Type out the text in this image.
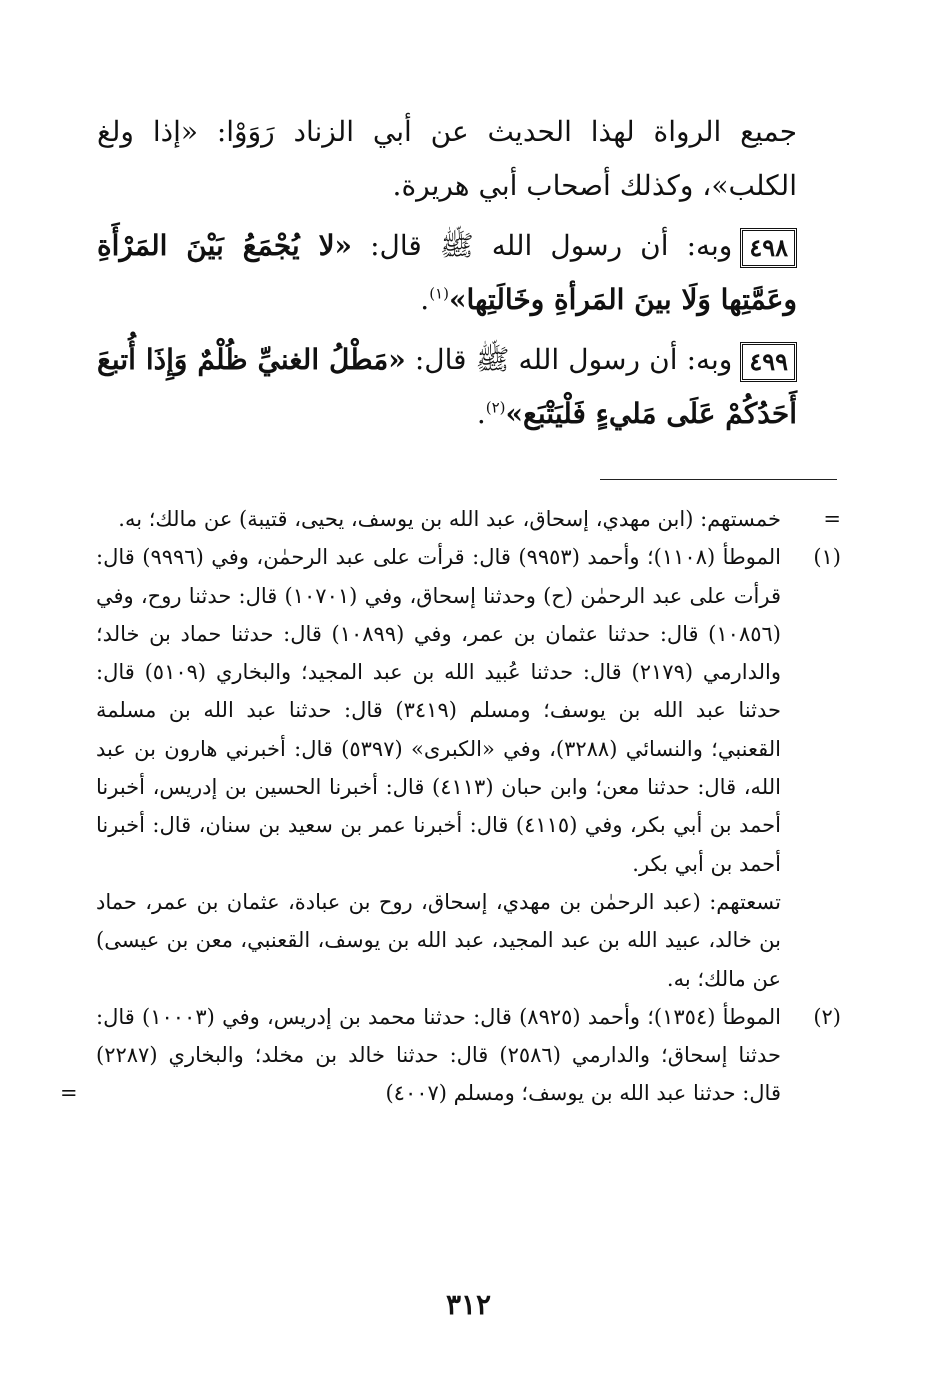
جميع الرواة لهذا الحديث عن أبي الزناد رَوَوْا: «إذا ولغ الكلب»، وكذلك أصحاب أبي هريرة.

٤٩٨وبه: أن رسول الله ﷺ قال: «لا يُجْمَعُ بَيْنَ المَرْأَةِ وعَمَّتِها وَلَا بينَ المَرأةِ وخَالَتِها»$^{(١)}$.

٤٩٩وبه: أن رسول الله ﷺ قال: «مَطْلُ الغنيِّ ظُلْمٌ وَإِذَا أُتبعَ أَحَدُكُمْ عَلَى مَليءٍ فَلْيَتْبَع»$^{(٢)}$.

=
خمستهم: (ابن مهدي، إسحاق، عبد الله بن يوسف، يحيى، قتيبة) عن مالك؛ به.

(١)
الموطأ (١١٠٨)؛ وأحمد (٩٩٥٣) قال: قرأت على عبد الرحمٰن، وفي (٩٩٩٦) قال: قرأت على عبد الرحمٰن (ح) وحدثنا إسحاق، وفي (١٠٧٠١) قال: حدثنا روح، وفي (١٠٨٥٦) قال: حدثنا عثمان بن عمر، وفي (١٠٨٩٩) قال: حدثنا حماد بن خالد؛ والدارمي (٢١٧٩) قال: حدثنا عُبيد الله بن عبد المجيد؛ والبخاري (٥١٠٩) قال: حدثنا عبد الله بن يوسف؛ ومسلم (٣٤١٩) قال: حدثنا عبد الله بن مسلمة القعنبي؛ والنسائي (٣٢٨٨)، وفي «الكبرى» (٥٣٩٧) قال: أخبرني هارون بن عبد الله، قال: حدثنا معن؛ وابن حبان (٤١١٣) قال: أخبرنا الحسين بن إدريس، أخبرنا أحمد بن أبي بكر، وفي (٤١١٥) قال: أخبرنا عمر بن سعيد بن سنان، قال: أخبرنا أحمد بن أبي بكر.

تسعتهم: (عبد الرحمٰن بن مهدي، إسحاق، روح بن عبادة، عثمان بن عمر، حماد بن خالد، عبيد الله بن عبد المجيد، عبد الله بن يوسف، القعنبي، معن بن عيسى) عن مالك؛ به.

(٢)
الموطأ (١٣٥٤)؛ وأحمد (٨٩٢٥) قال: حدثنا محمد بن إدريس، وفي (١٠٠٠٣) قال: حدثنا إسحاق؛ والدارمي (٢٥٨٦) قال: حدثنا خالد بن مخلد؛ والبخاري (٢٢٨٧) قال: حدثنا عبد الله بن يوسف؛ ومسلم (٤٠٠٧)
=

٣١٢
